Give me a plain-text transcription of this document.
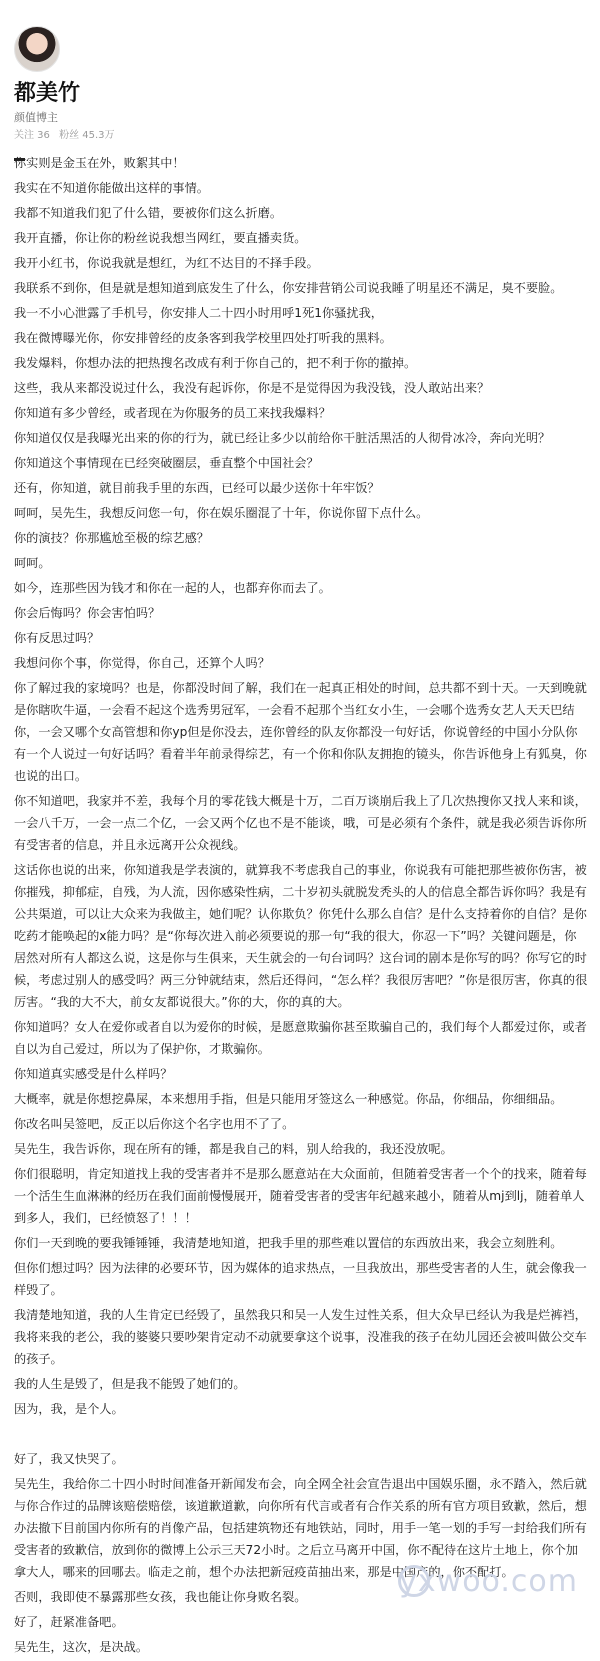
都美竹
颜值博主
关注 36 粉丝 45.3万
你实则是金玉在外，败絮其中！
我实在不知道你能做出这样的事情。
我都不知道我们犯了什么错，要被你们这么折磨。
我开直播，你让你的粉丝说我想当网红，要直播卖货。
我开小红书，你说我就是想红，为红不达目的不择手段。
我联系不到你，但是就是想知道到底发生了什么，你安排营销公司说我睡了明星还不满足，臭不要脸。
我一不小心泄露了手机号，你安排人二十四小时用呼1死1你骚扰我，
我在微博曝光你，你安排曾经的皮条客到我学校里四处打听我的黑料。
我发爆料，你想办法的把热搜名改成有利于你自己的，把不利于你的撤掉。
这些，我从来都没说过什么，我没有起诉你，你是不是觉得因为我没钱，没人敢站出来？
你知道有多少曾经，或者现在为你服务的员工来找我爆料？
你知道仅仅是我曝光出来的你的行为，就已经让多少以前给你干脏活黑活的人彻骨冰冷，奔向光明？
你知道这个事情现在已经突破圈层，垂直整个中国社会？
还有，你知道，就目前我手里的东西，已经可以最少送你十年牢饭？
呵呵，吴先生，我想反问您一句，你在娱乐圈混了十年，你说你留下点什么。
你的演技？你那尴尬至极的综艺感？
呵呵。
如今，连那些因为钱才和你在一起的人，也都弃你而去了。
你会后悔吗？你会害怕吗？
你有反思过吗？
我想问你个事，你觉得，你自己，还算个人吗？
你了解过我的家境吗？也是，你都没时间了解，我们在一起真正相处的时间，总共都不到十天。一天到晚就是你瞎吹牛逼，一会看不起这个选秀男冠军，一会看不起那个当红女小生，一会哪个选秀女艺人天天巴结你，一会又哪个女高管想和你yp但是你没去，连你曾经的队友你都没一句好话，你说曾经的中国小分队你有一个人说过一句好话吗？看着半年前录得综艺，有一个你和你队友拥抱的镜头，你告诉他身上有狐臭，你也说的出口。
你不知道吧，我家并不差，我每个月的零花钱大概是十万，二百万谈崩后我上了几次热搜你又找人来和谈，一会八千万，一会一点二个亿，一会又两个亿也不是不能谈，哦，可是必须有个条件，就是我必须告诉你所有受害者的信息，并且永远离开公众视线。
这话你也说的出来，你知道我是学表演的，就算我不考虑我自己的事业，你说我有可能把那些被你伤害，被你摧残，抑郁症，自残，为人流，因你感染性病，二十岁初头就脱发秃头的人的信息全都告诉你吗？我是有公共渠道，可以让大众来为我做主，她们呢？认你欺负？你凭什么那么自信？是什么支持着你的自信？是你吃药才能唤起的x能力吗？是“你每次进入前必须要说的那一句“我的很大，你忍一下”吗？关键问题是，你居然对所有人都这么说，这是你与生俱来，天生就会的一句台词吗？这台词的剧本是你写的吗？你写它的时候，考虑过别人的感受吗？两三分钟就结束，然后还得问，“怎么样？我很厉害吧？”你是很厉害，你真的很厉害。“我的大不大，前女友都说很大。”你的大，你的真的大。
你知道吗？女人在爱你或者自以为爱你的时候，是愿意欺骗你甚至欺骗自己的，我们每个人都爱过你，或者自以为自己爱过，所以为了保护你，才欺骗你。
你知道真实感受是什么样吗？
大概率，就是你想挖鼻屎，本来想用手指，但是只能用牙签这么一种感觉。你品，你细品，你细细品。
你改名叫吴签吧，反正以后你这个名字也用不了了。
吴先生，我告诉你，现在所有的锤，都是我自己的料，别人给我的，我还没放呢。
你们很聪明，肯定知道找上我的受害者并不是那么愿意站在大众面前，但随着受害者一个个的找来，随着每一个活生生血淋淋的经历在我们面前慢慢展开，随着受害者的受害年纪越来越小，随着从mj到lj，随着单人到多人，我们，已经愤怒了！！！
你们一天到晚的要我锤锤锤，我清楚地知道，把我手里的那些难以置信的东西放出来，我会立刻胜利。
但你们想过吗？因为法律的必要环节，因为媒体的追求热点，一旦我放出，那些受害者的人生，就会像我一样毁了。
我清楚地知道，我的人生肯定已经毁了，虽然我只和吴一人发生过性关系，但大众早已经认为我是烂裤裆，我将来我的老公，我的婆婆只要吵架肯定动不动就要拿这个说事，没准我的孩子在幼儿园还会被叫做公交车的孩子。
我的人生是毁了，但是我不能毁了她们的。
因为，我，是个人。
好了，我又快哭了。
吴先生，我给你二十四小时时间准备开新闻发布会，向全网全社会宣告退出中国娱乐圈，永不踏入，然后就与你合作过的品牌该赔偿赔偿，该道歉道歉，向你所有代言或者有合作关系的所有官方项目致歉，然后，想办法撤下目前国内你所有的肖像产品，包括建筑物还有地铁站，同时，用手一笔一划的手写一封给我们所有受害者的致歉信，放到你的微博上公示三天72小时。之后立马离开中国，你不配待在这片土地上，你个加拿大人，哪来的回哪去。临走之前，想个办法把新冠疫苗抽出来，那是中国产的，你不配打。
否则，我即使不暴露那些女孩，我也能让你身败名裂。
好了，赶紧准备吧。
吴先生，这次，是决战。
yxwoo.com
